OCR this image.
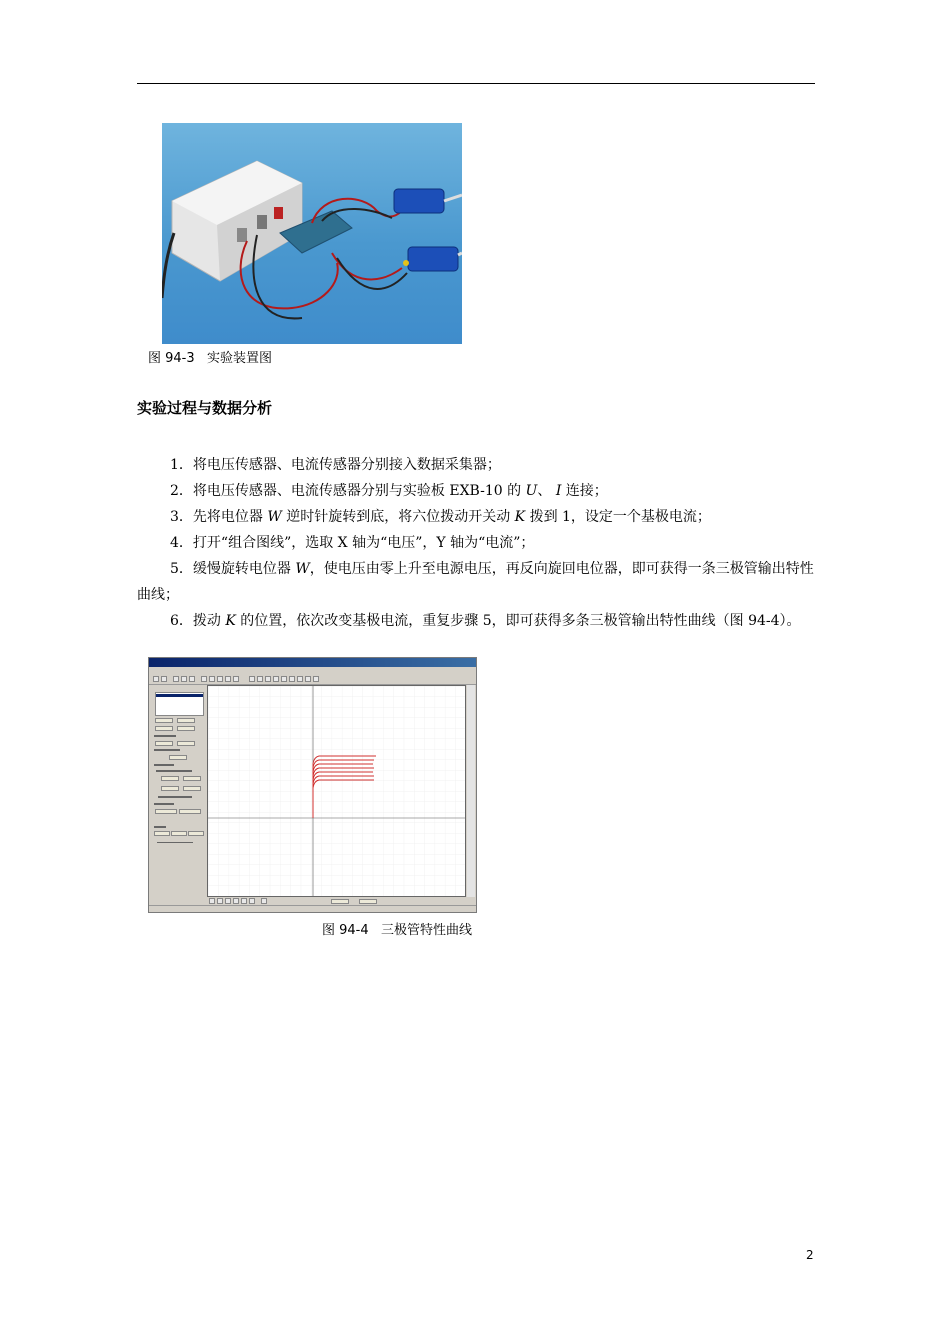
图 94-3   实验装置图
实验过程与数据分析

1．将电压传感器、电流传感器分别接入数据采集器；

2．将电压传感器、电流传感器分别与实验板 EXB-10 的 U、 I 连接；

3．先将电位器 W 逆时针旋转到底，将六位拨动开关动 K 拨到 1，设定一个基极电流；

4．打开“组合图线”，选取 X 轴为“电压”，Y 轴为“电流”；

5．缓慢旋转电位器 W，使电压由零上升至电源电压，再反向旋回电位器，即可获得一条三极管输出特性曲线；

6．拨动 K 的位置，依次改变基极电流，重复步骤 5，即可获得多条三极管输出特性曲线（图 94-4）。

图 94-4   三极管特性曲线
2
